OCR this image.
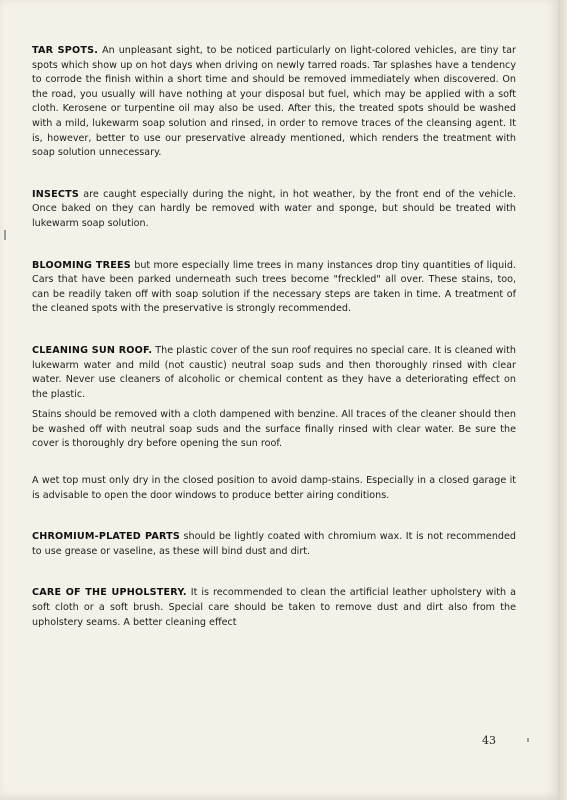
TAR SPOTS. An unpleasant sight, to be noticed particularly on light-colored vehicles, are tiny tar spots which show up on hot days when driving on newly tarred roads. Tar splashes have a tendency to corrode the finish within a short time and should be removed immediately when discovered. On the road, you usually will have nothing at your disposal but fuel, which may be applied with a soft cloth. Kerosene or turpentine oil may also be used. After this, the treated spots should be washed with a mild, lukewarm soap solution and rinsed, in order to remove traces of the cleansing agent. It is, however, better to use our preservative already mentioned, which renders the treatment with soap solution unnecessary.

INSECTS are caught especially during the night, in hot weather, by the front end of the vehicle. Once baked on they can hardly be removed with water and sponge, but should be treated with lukewarm soap solution.

BLOOMING TREES but more especially lime trees in many instances drop tiny quantities of liquid. Cars that have been parked underneath such trees become "freckled" all over. These stains, too, can be readily taken off with soap solution if the necessary steps are taken in time. A treatment of the cleaned spots with the preservative is strongly recommended.

CLEANING SUN ROOF. The plastic cover of the sun roof requires no special care. It is cleaned with lukewarm water and mild (not caustic) neutral soap suds and then thoroughly rinsed with clear water. Never use cleaners of alcoholic or chemical content as they have a deteriorating effect on the plastic.

Stains should be removed with a cloth dampened with benzine. All traces of the cleaner should then be washed off with neutral soap suds and the surface finally rinsed with clear water. Be sure the cover is thoroughly dry before opening the sun roof.

A wet top must only dry in the closed position to avoid damp-stains. Especially in a closed garage it is advisable to open the door windows to produce better airing conditions.

CHROMIUM-PLATED PARTS should be lightly coated with chromium wax. It is not recommended to use grease or vaseline, as these will bind dust and dirt.

CARE OF THE UPHOLSTERY. It is recommended to clean the artificial leather upholstery with a soft cloth or a soft brush. Special care should be taken to remove dust and dirt also from the upholstery seams. A better cleaning effect

43
